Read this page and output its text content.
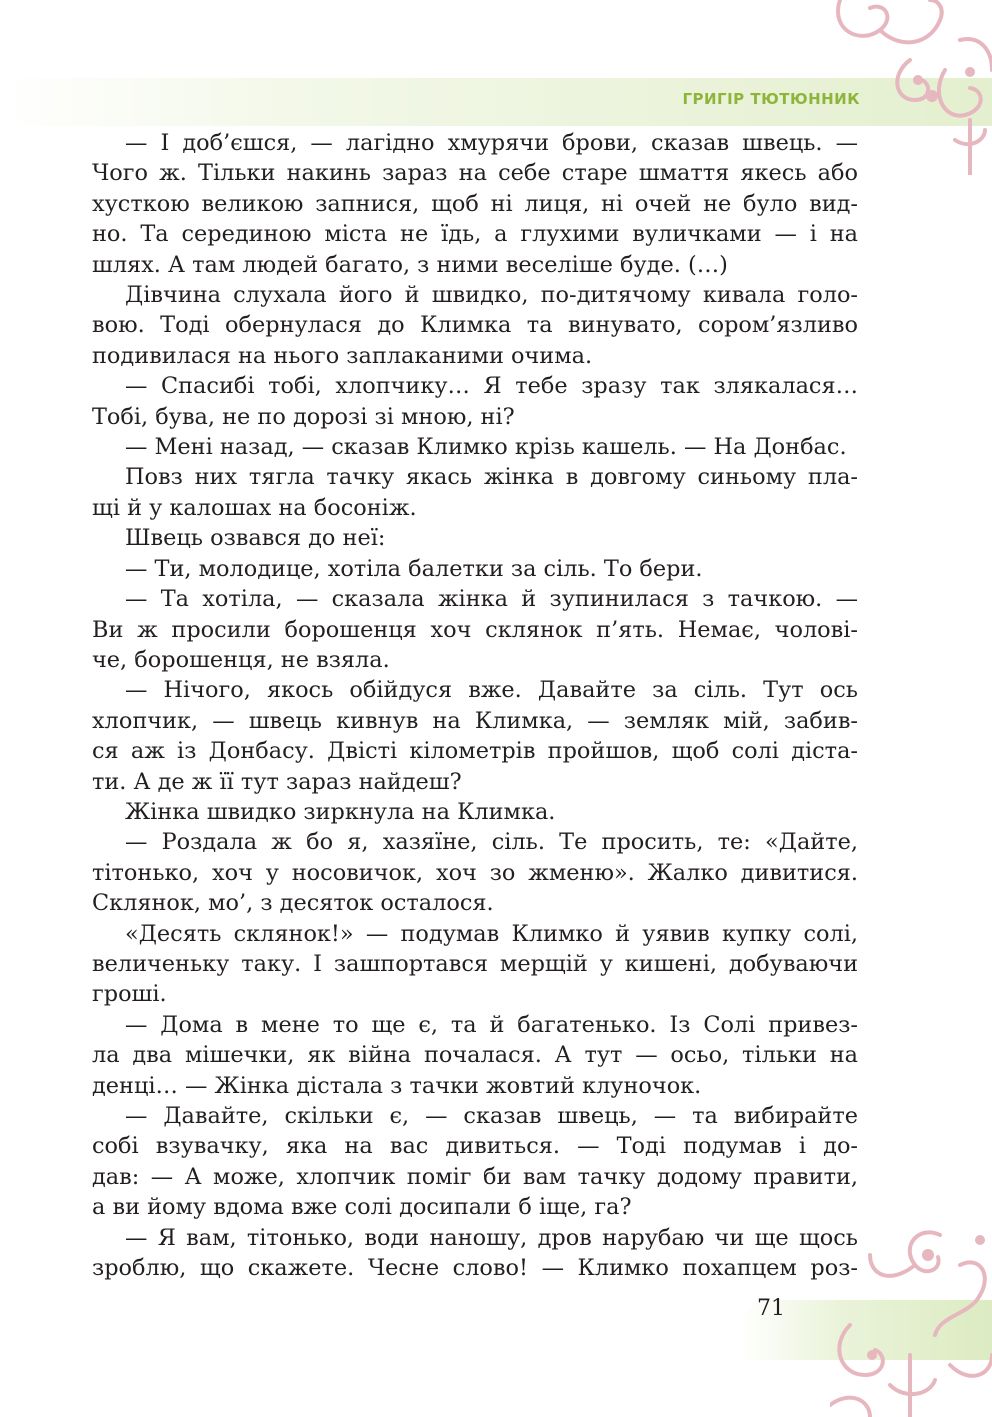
ГРИГІР ТЮТЮННИК

— І доб’єшся, — лагідно хмурячи брови, сказав швець. —

Чого ж. Тільки накинь зараз на себе старе шмаття якесь або

хусткою великою запнися, щоб ні лиця, ні очей не було вид-

но. Та серединою міста не їдь, а глухими вуличками — і на

шлях. А там людей багато, з ними веселіше буде. (…)

Дівчина слухала його й швидко, по-дитячому кивала голо-

вою. Тоді обернулася до Климка та винувато, сором’язливо

подивилася на нього заплаканими очима.

— Спасибі тобі, хлопчику… Я тебе зразу так злякалася…

Тобі, бува, не по дорозі зі мною, ні?

— Мені назад, — сказав Климко крізь кашель. — На Донбас.

Повз них тягла тачку якась жінка в довгому синьому пла-

щі й у калошах на босоніж.

Швець озвався до неї:

— Ти, молодице, хотіла балетки за сіль. То бери.

— Та хотіла, — сказала жінка й зупинилася з тачкою. —

Ви ж просили борошенця хоч склянок п’ять. Немає, чолові-

че, борошенця, не взяла.

— Нічого, якось обійдуся вже. Давайте за сіль. Тут ось

хлопчик, — швець кивнув на Климка, — земляк мій, забив-

ся аж із Донбасу. Двісті кілометрів пройшов, щоб солі діста-

ти. А де ж її тут зараз найдеш?

Жінка швидко зиркнула на Климка.

— Роздала ж бо я, хазяїне, сіль. Те просить, те: «Дайте,

тітонько, хоч у носовичок, хоч зо жменю». Жалко дивитися.

Склянок, мо’, з десяток осталося.

«Десять склянок!» — подумав Климко й уявив купку солі,

величеньку таку. І зашпортався мерщій у кишені, добуваючи

гроші.

— Дома в мене то ще є, та й багатенько. Із Солі привез-

ла два мішечки, як війна почалася. А тут — осьо, тільки на

денці… — Жінка дістала з тачки жовтий клуночок.

— Давайте, скільки є, — сказав швець, — та вибирайте

собі взувачку, яка на вас дивиться. — Тоді подумав і до-

дав: — А може, хлопчик поміг би вам тачку додому правити,

а ви йому вдома вже солі досипали б іще, га?

— Я вам, тітонько, води наношу, дров нарубаю чи ще щось

зроблю, що скажете. Чесне слово! — Климко похапцем роз-

71
